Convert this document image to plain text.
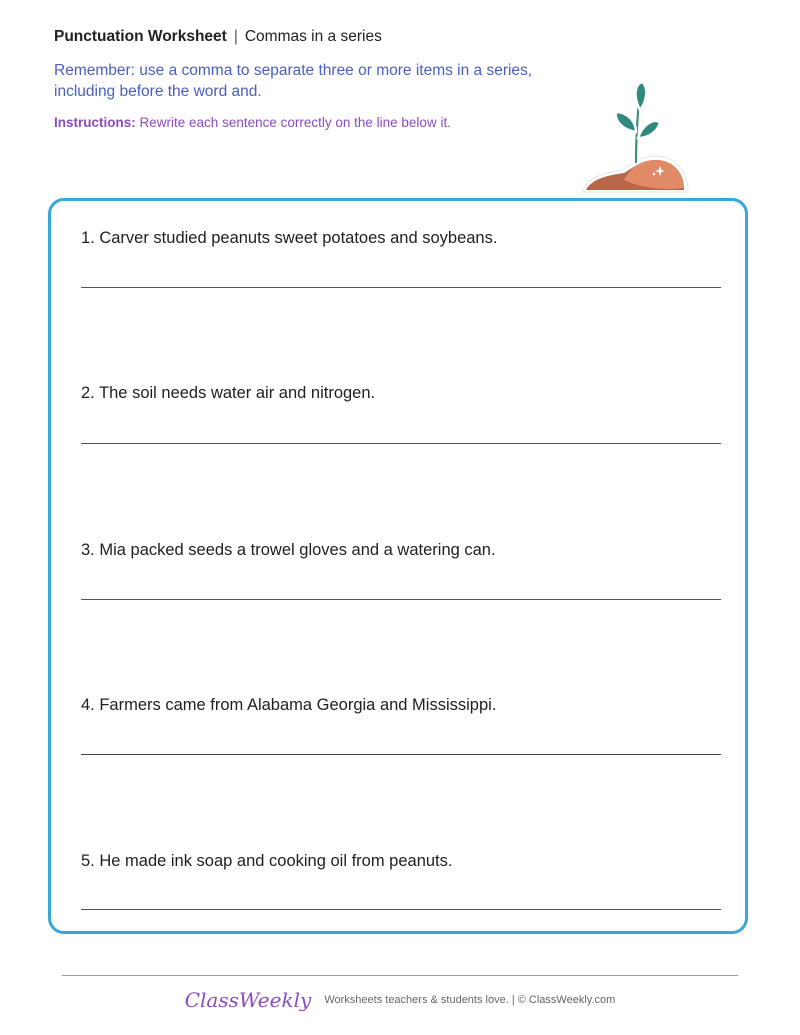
Punctuation Worksheet | Commas in a series
Remember: use a comma to separate three or more items in a series, including before the word and.
Instructions: Rewrite each sentence correctly on the line below it.
1. Carver studied peanuts sweet potatoes and soybeans.
2. The soil needs water air and nitrogen.
3. Mia packed seeds a trowel gloves and a watering can.
4. Farmers came from Alabama Georgia and Mississippi.
5. He made ink soap and cooking oil from peanuts.
ClassWeekly Worksheets teachers & students love. | © ClassWeekly.com
